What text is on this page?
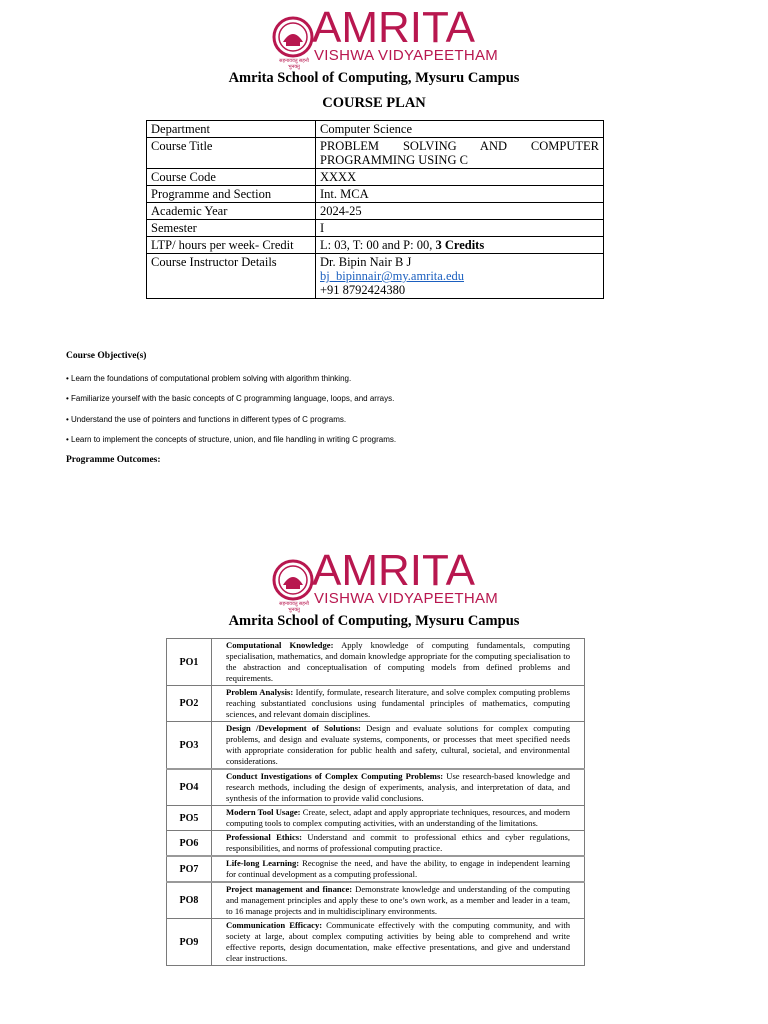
AMRITA
VISHWA VIDYAPEETHAM
सहनाववतु सहनौ भुनक्तु
Amrita School of Computing, Mysuru Campus
COURSE PLAN
Department	Computer Science
Course Title	PROBLEM SOLVING AND COMPUTER
PROGRAMMING USING C

Course Code	XXXX
Programme and Section	Int. MCA
Academic Year	2024-25
Semester	I
LTP/ hours per week- Credit	L: 03, T: 00 and P: 00, 3 Credits
Course Instructor Details	Dr. Bipin Nair B J
bj_bipinnair@my.amrita.edu
+91 8792424380
Course Objective(s)
• Learn the foundations of computational problem solving with algorithm thinking.
• Familiarize yourself with the basic concepts of C programming language, loops, and arrays.
• Understand the use of pointers and functions in different types of C programs.
• Learn to implement the concepts of structure, union, and file handling in writing C programs.
Programme Outcomes:
AMRITA
VISHWA VIDYAPEETHAM
सहनाववतु सहनौ भुनक्तु
Amrita School of Computing, Mysuru Campus
PO1	Computational Knowledge: Apply knowledge of computing fundamentals, computing specialisation, mathematics, and domain knowledge appropriate for the computing specialisation to the abstraction and conceptualisation of computing models from defined problems and requirements.
PO2	Problem Analysis: Identify, formulate, research literature, and solve complex computing problems reaching substantiated conclusions using fundamental principles of mathematics, computing sciences, and relevant domain disciplines.
PO3	Design /Development of Solutions: Design and evaluate solutions for complex computing problems, and design and evaluate systems, components, or processes that meet specified needs with appropriate consideration for public health and safety, cultural, societal, and environmental considerations.
PO4	Conduct Investigations of Complex Computing Problems: Use research-based knowledge and research methods, including the design of experiments, analysis, and interpretation of data, and synthesis of the information to provide valid conclusions.
PO5	Modern Tool Usage: Create, select, adapt and apply appropriate techniques, resources, and modern computing tools to complex computing activities, with an understanding of the limitations.
PO6	Professional Ethics: Understand and commit to professional ethics and cyber regulations, responsibilities, and norms of professional computing practice.
PO7	Life-long Learning: Recognise the need, and have the ability, to engage in independent learning for continual development as a computing professional.
PO8	Project management and finance: Demonstrate knowledge and understanding of the computing and management principles and apply these to one’s own work, as a member and leader in a team, to 16 manage projects and in multidisciplinary environments.
PO9	Communication Efficacy: Communicate effectively with the computing community, and with society at large, about complex computing activities by being able to comprehend and write effective reports, design documentation, make effective presentations, and give and understand clear instructions.
